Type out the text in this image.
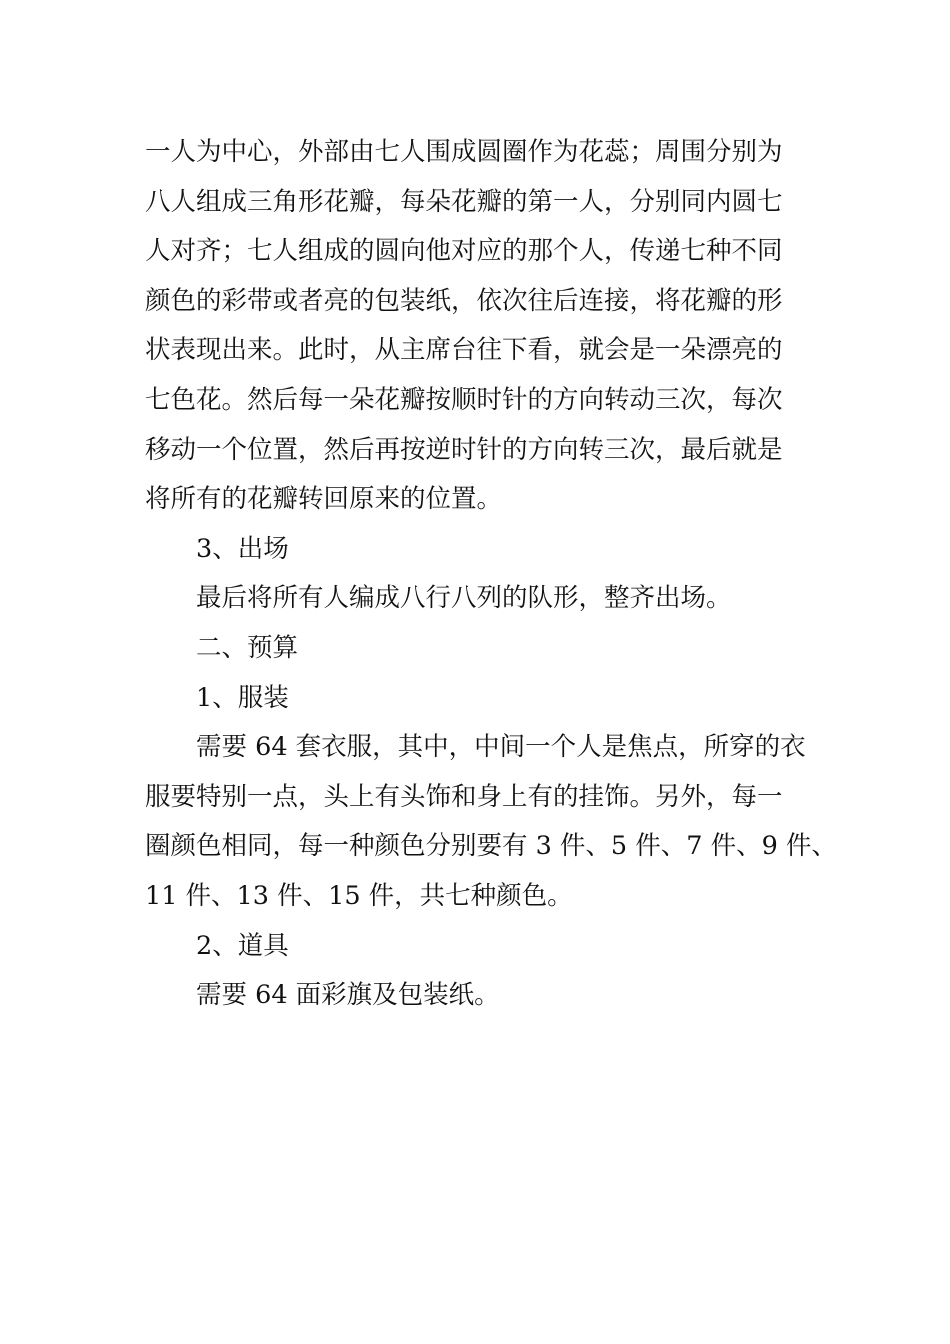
一人为中心，外部由七人围成圆圈作为花蕊；周围分别为
八人组成三角形花瓣，每朵花瓣的第一人，分别同内圆七
人对齐；七人组成的圆向他对应的那个人，传递七种不同
颜色的彩带或者亮的包装纸，依次往后连接，将花瓣的形
状表现出来。此时，从主席台往下看，就会是一朵漂亮的
七色花。然后每一朵花瓣按顺时针的方向转动三次，每次
移动一个位置，然后再按逆时针的方向转三次，最后就是
将所有的花瓣转回原来的位置。
3、出场
最后将所有人编成八行八列的队形，整齐出场。
二、预算
1、服装
需要 64 套衣服，其中，中间一个人是焦点，所穿的衣
服要特别一点，头上有头饰和身上有的挂饰。另外，每一
圈颜色相同，每一种颜色分别要有 3 件、5 件、7 件、9 件、
11 件、13 件、15 件，共七种颜色。
2、道具
需要 64 面彩旗及包装纸。
